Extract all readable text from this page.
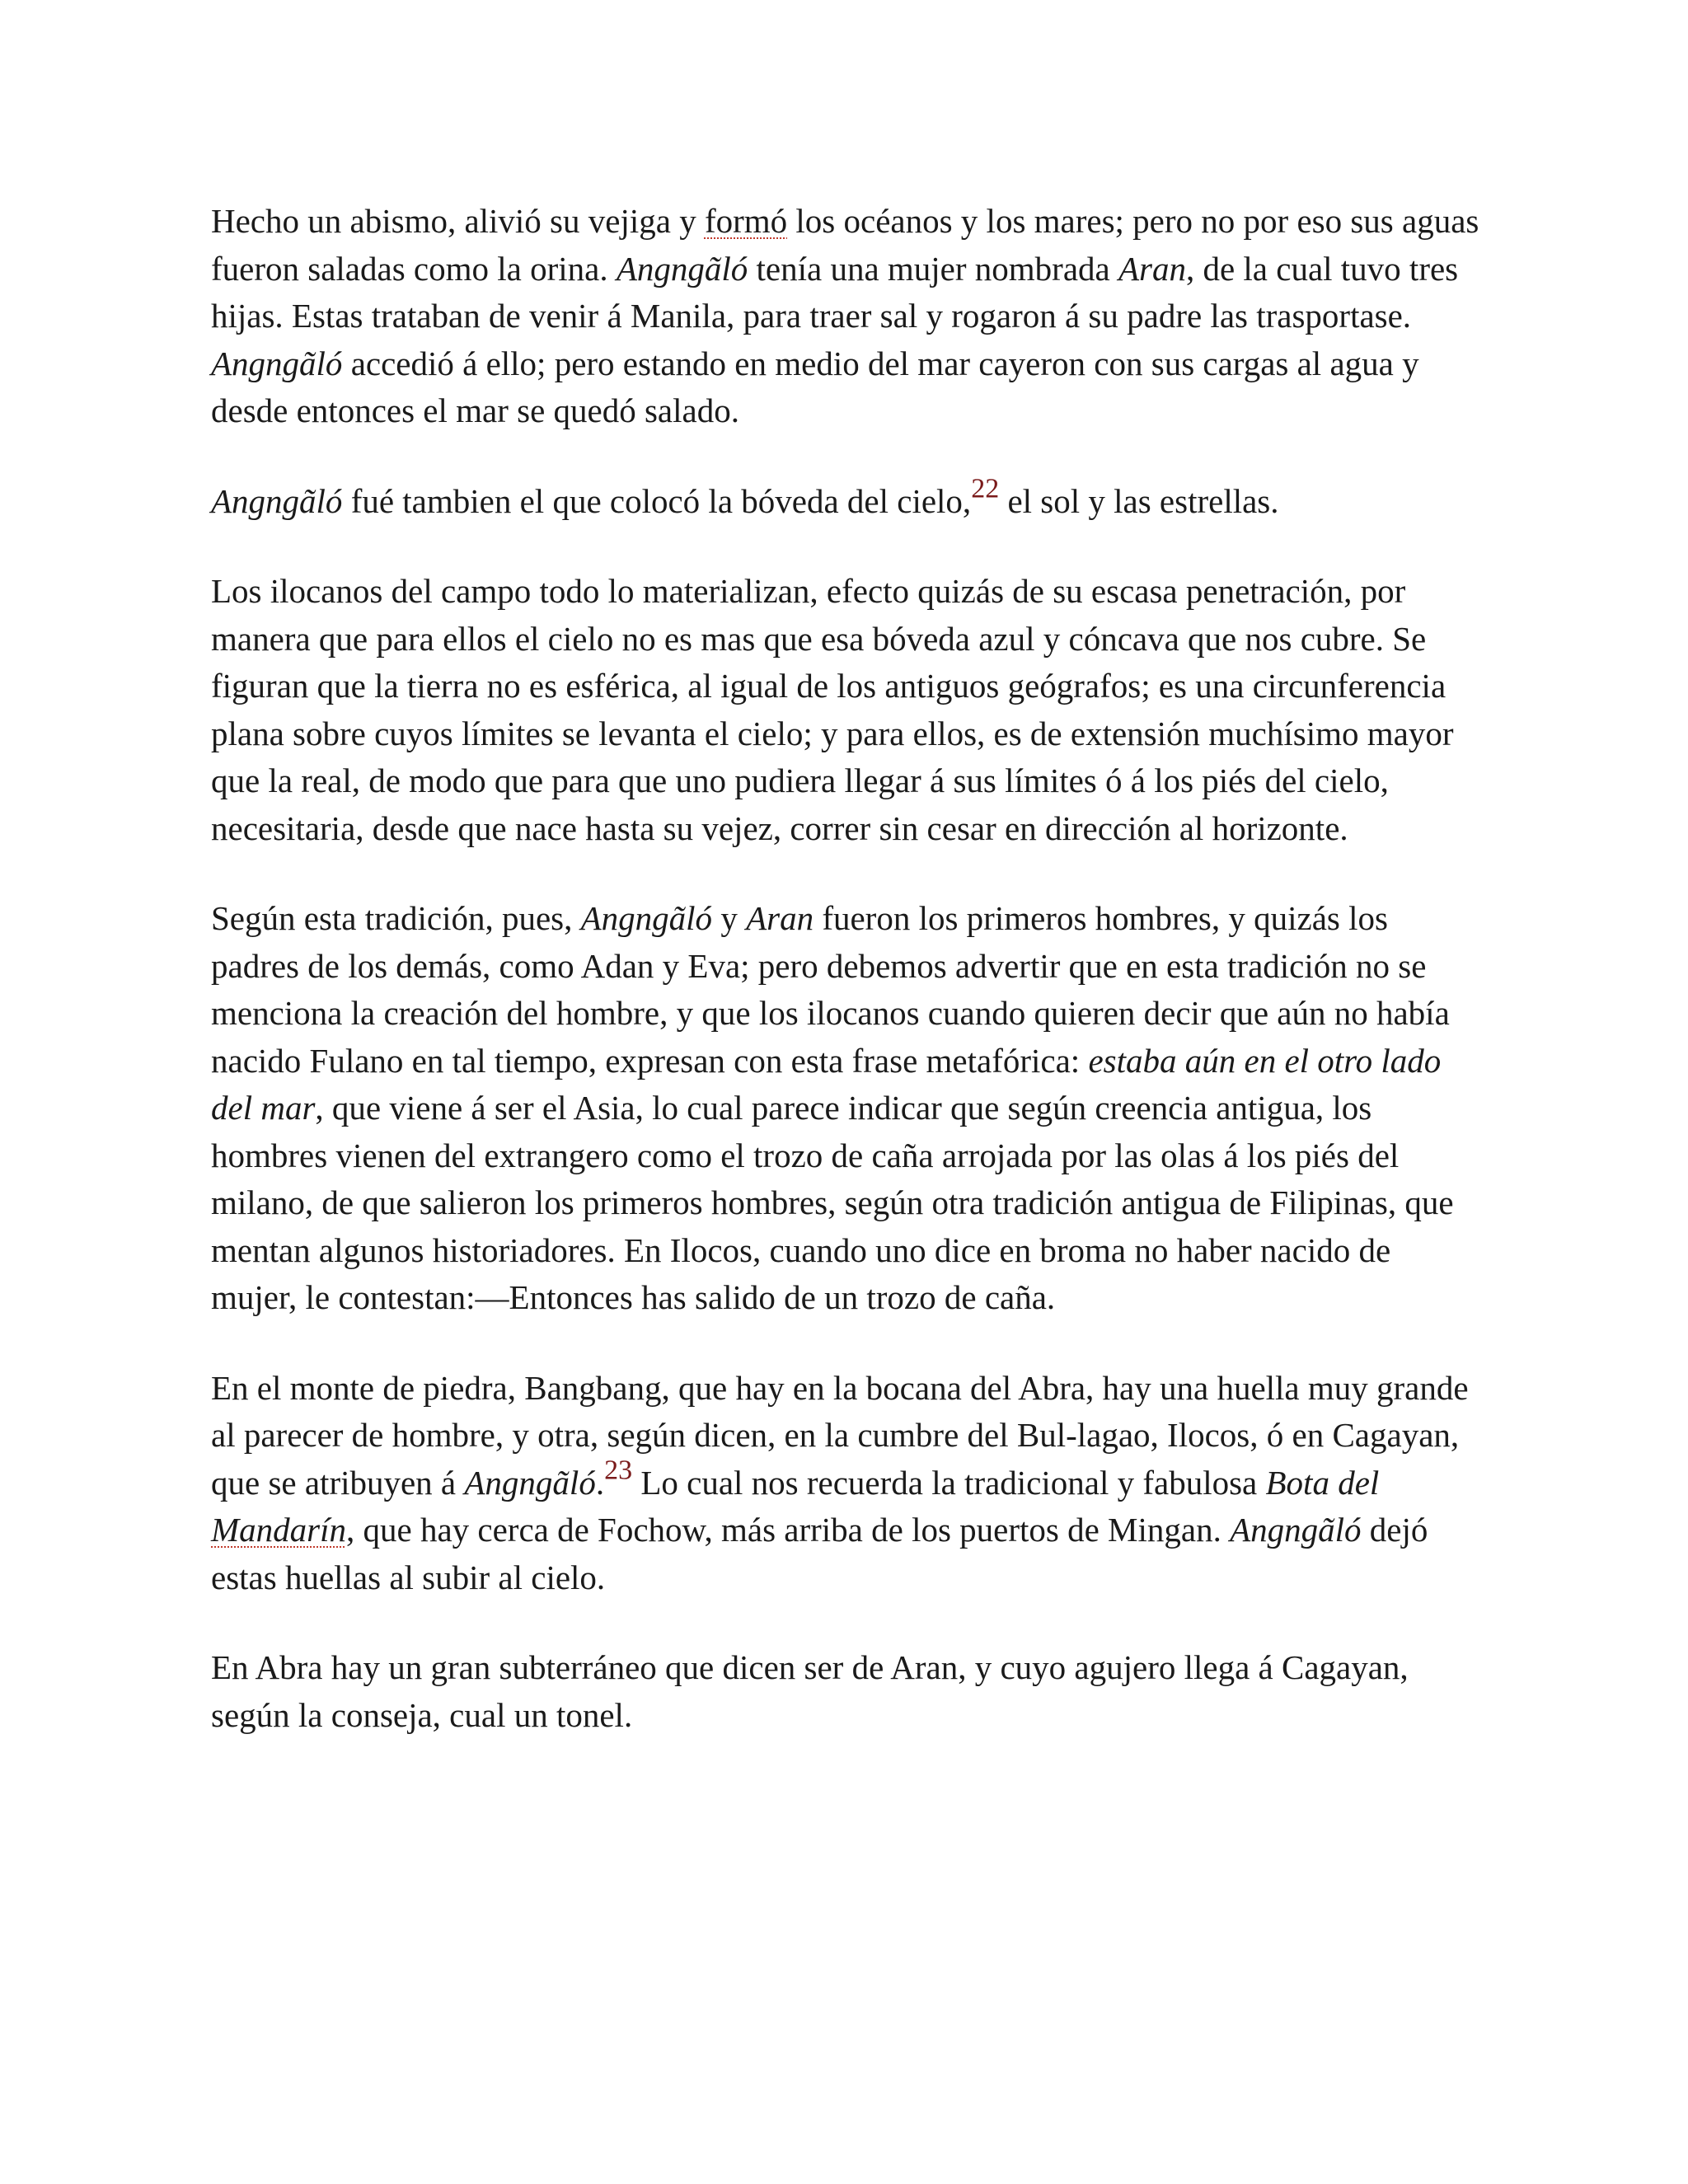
Hecho un abismo, alivió su vejiga y formó los océanos y los mares; pero no por eso sus aguas fueron saladas como la orina. Angngãló tenía una mujer nombrada Aran, de la cual tuvo tres hijas. Estas trataban de venir á Manila, para traer sal y rogaron á su padre las trasportase. Angngãló accedió á ello; pero estando en medio del mar cayeron con sus cargas al agua y desde entonces el mar se quedó salado.

Angngãló fué tambien el que colocó la bóveda del cielo,$^{22}$ el sol y las estrellas.

Los ilocanos del campo todo lo materializan, efecto quizás de su escasa penetración, por manera que para ellos el cielo no es mas que esa bóveda azul y cóncava que nos cubre. Se figuran que la tierra no es esférica, al igual de los antiguos geógrafos; es una circunferencia plana sobre cuyos límites se levanta el cielo; y para ellos, es de extensión muchísimo mayor que la real, de modo que para que uno pudiera llegar á sus límites ó á los piés del cielo, necesitaria, desde que nace hasta su vejez, correr sin cesar en dirección al horizonte.

Según esta tradición, pues, Angngãló y Aran fueron los primeros hombres, y quizás los padres de los demás, como Adan y Eva; pero debemos advertir que en esta tradición no se menciona la creación del hombre, y que los ilocanos cuando quieren decir que aún no había nacido Fulano en tal tiempo, expresan con esta frase metafórica: estaba aún en el otro lado del mar, que viene á ser el Asia, lo cual parece indicar que según creencia antigua, los hombres vienen del extrangero como el trozo de caña arrojada por las olas á los piés del milano, de que salieron los primeros hombres, según otra tradición antigua de Filipinas, que mentan algunos historiadores. En Ilocos, cuando uno dice en broma no haber nacido de mujer, le contestan:—Entonces has salido de un trozo de caña.

En el monte de piedra, Bangbang, que hay en la bocana del Abra, hay una huella muy grande al parecer de hombre, y otra, según dicen, en la cumbre del Bul-lagao, Ilocos, ó en Cagayan, que se atribuyen á Angngãló.$^{23}$ Lo cual nos recuerda la tradicional y fabulosa Bota del Mandarín, que hay cerca de Fochow, más arriba de los puertos de Mingan. Angngãló dejó estas huellas al subir al cielo.

En Abra hay un gran subterráneo que dicen ser de Aran, y cuyo agujero llega á Cagayan, según la conseja, cual un tonel.
